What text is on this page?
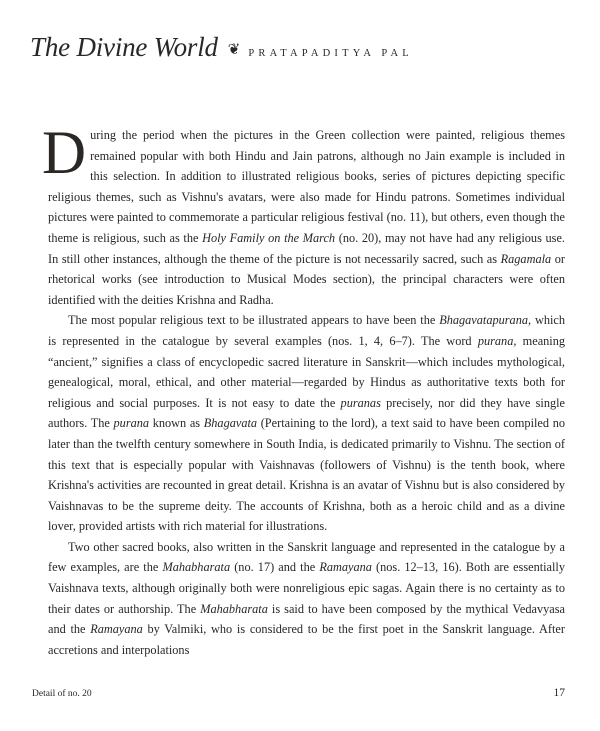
The Divine World ❦ PRATAPADITYA PAL

During the period when the pictures in the Green collection were painted, religious themes remained popular with both Hindu and Jain patrons, although no Jain example is included in this selection. In addition to illustrated religious books, series of pictures depicting specific religious themes, such as Vishnu's avatars, were also made for Hindu patrons. Sometimes individual pictures were painted to commemorate a particular religious festival (no. 11), but others, even though the theme is religious, such as the Holy Family on the March (no. 20), may not have had any religious use. In still other instances, although the theme of the picture is not necessarily sacred, such as Ragamala or rhetorical works (see introduction to Musical Modes section), the principal characters were often identified with the deities Krishna and Radha.

The most popular religious text to be illustrated appears to have been the Bhagavatapurana, which is represented in the catalogue by several examples (nos. 1, 4, 6–7). The word purana, meaning “ancient,” signifies a class of encyclopedic sacred literature in Sanskrit—which includes mythological, genealogical, moral, ethical, and other material—regarded by Hindus as authoritative texts both for religious and social purposes. It is not easy to date the puranas precisely, nor did they have single authors. The purana known as Bhagavata (Pertaining to the lord), a text said to have been compiled no later than the twelfth century somewhere in South India, is dedicated primarily to Vishnu. The section of this text that is especially popular with Vaishnavas (followers of Vishnu) is the tenth book, where Krishna's activities are recounted in great detail. Krishna is an avatar of Vishnu but is also considered by Vaishnavas to be the supreme deity. The accounts of Krishna, both as a heroic child and as a divine lover, provided artists with rich material for illustrations.

Two other sacred books, also written in the Sanskrit language and represented in the catalogue by a few examples, are the Mahabharata (no. 17) and the Ramayana (nos. 12–13, 16). Both are essentially Vaishnava texts, although originally both were nonreligious epic sagas. Again there is no certainty as to their dates or authorship. The Mahabharata is said to have been composed by the mythical Vedavyasa and the Ramayana by Valmiki, who is considered to be the first poet in the Sanskrit language. After accretions and interpolations

Detail of no. 20	17
